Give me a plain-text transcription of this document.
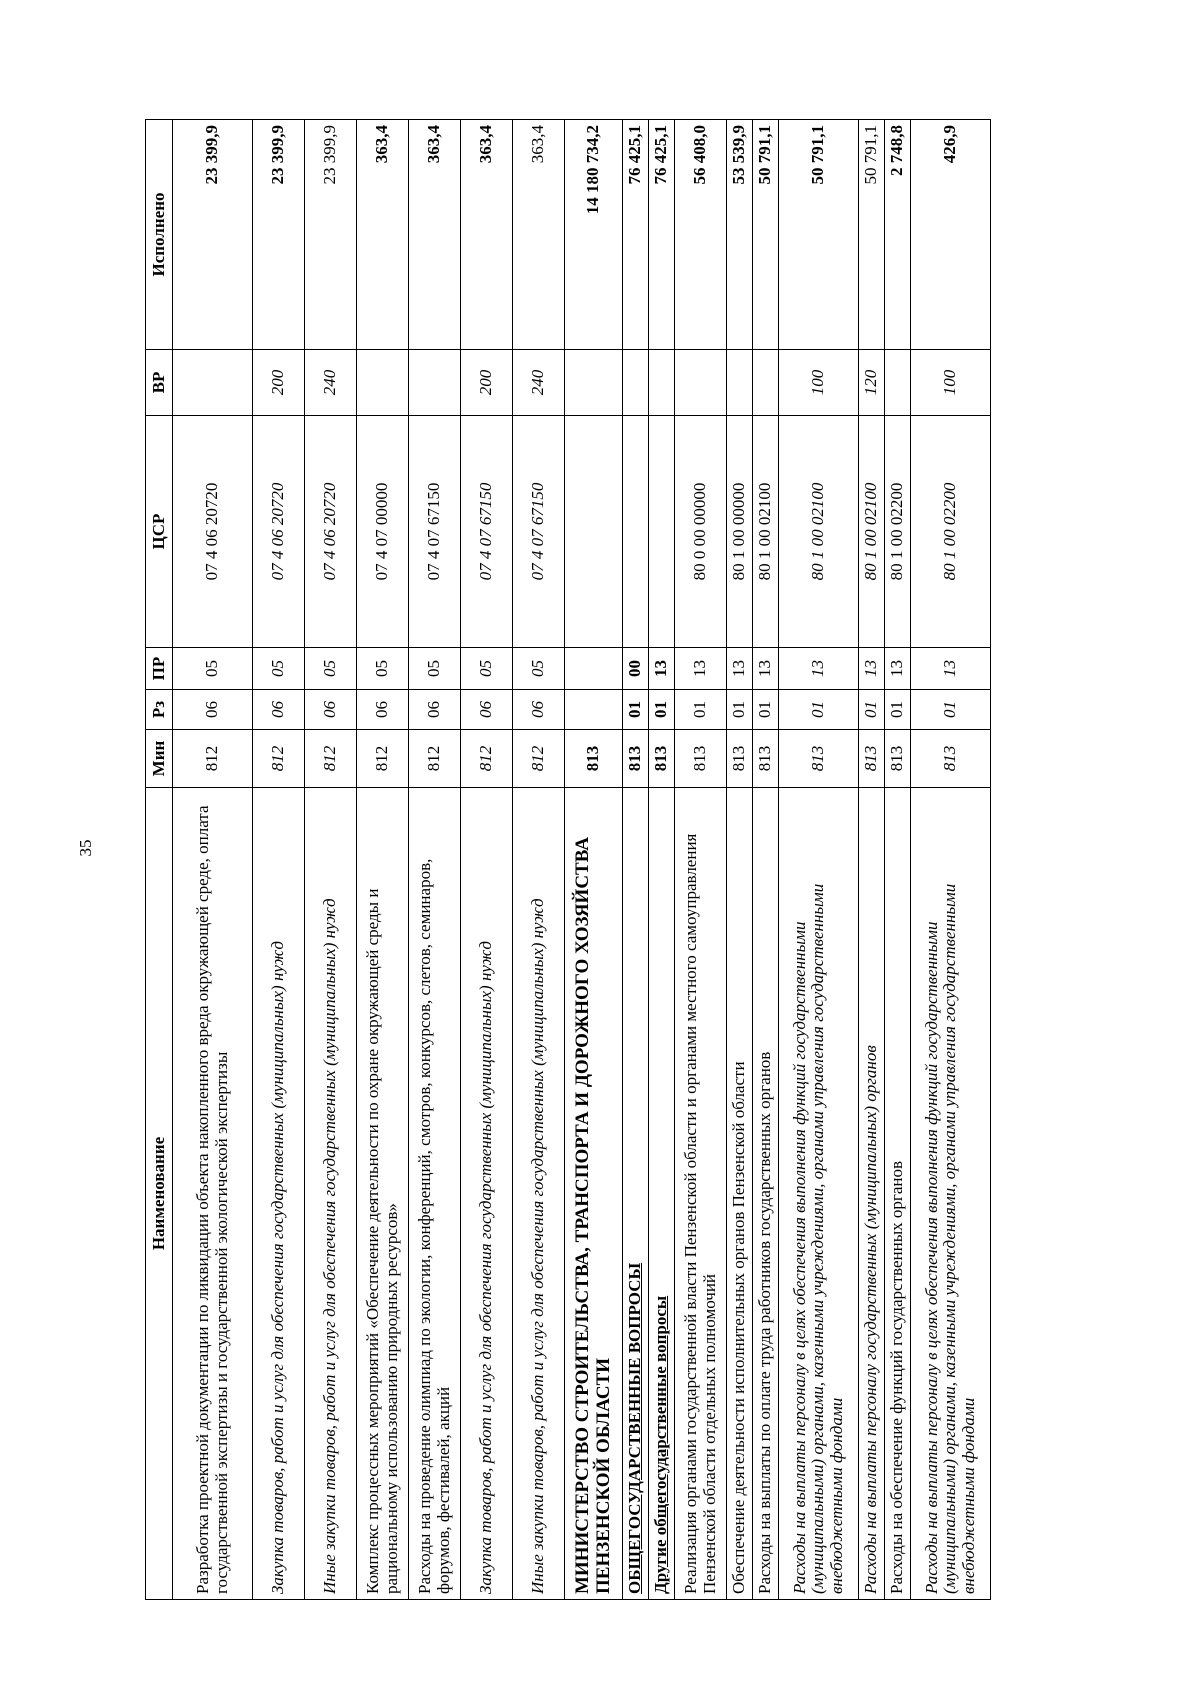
35
Наименование	Мин	Рз	ПР	ЦСР	ВР	Исполнено
Разработка проектной документации по ликвидации объекта накопленного вреда окружающей среде, оплата государственной экспертизы и государственной экологической экспертизы	812	06	05	07 4 06 20720		23 399,9
Закупка товаров, работ и услуг для обеспечения государственных (муниципальных) нужд	812	06	05	07 4 06 20720	200	23 399,9
Иные закупки товаров, работ и услуг для обеспечения государственных (муниципальных) нужд	812	06	05	07 4 06 20720	240	23 399,9
Комплекс процессных мероприятий «Обеспечение деятельности по охране окружающей среды и рациональному использованию природных ресурсов»	812	06	05	07 4 07 00000		363,4
Расходы на проведение олимпиад по экологии, конференций, смотров, конкурсов, слетов, семинаров, форумов, фестивалей, акций	812	06	05	07 4 07 67150		363,4
Закупка товаров, работ и услуг для обеспечения государственных (муниципальных) нужд	812	06	05	07 4 07 67150	200	363,4
Иные закупки товаров, работ и услуг для обеспечения государственных (муниципальных) нужд	812	06	05	07 4 07 67150	240	363,4
МИНИСТЕРСТВО СТРОИТЕЛЬСТВА, ТРАНСПОРТА И ДОРОЖНОГО ХОЗЯЙСТВА ПЕНЗЕНСКОЙ ОБЛАСТИ	813					14 180 734,2
ОБЩЕГОСУДАРСТВЕННЫЕ ВОПРОСЫ	813	01	00			76 425,1
Другие общегосударственные вопросы	813	01	13			76 425,1
Реализация органами государственной власти Пензенской области и органами местного самоуправления Пензенской области отдельных полномочий	813	01	13	80 0 00 00000		56 408,0
Обеспечение деятельности исполнительных органов Пензенской области	813	01	13	80 1 00 00000		53 539,9
Расходы на выплаты по оплате труда работников государственных органов	813	01	13	80 1 00 02100		50 791,1
Расходы на выплаты персоналу в целях обеспечения выполнения функций государственными (муниципальными) органами, казенными учреждениями, органами управления государственными внебюджетными фондами	813	01	13	80 1 00 02100	100	50 791,1
Расходы на выплаты персоналу государственных (муниципальных) органов	813	01	13	80 1 00 02100	120	50 791,1
Расходы на обеспечение функций государственных органов	813	01	13	80 1 00 02200		2 748,8
Расходы на выплаты персоналу в целях обеспечения выполнения функций государственными (муниципальными) органами, казенными учреждениями, органами управления государственными внебюджетными фондами	813	01	13	80 1 00 02200	100	426,9
